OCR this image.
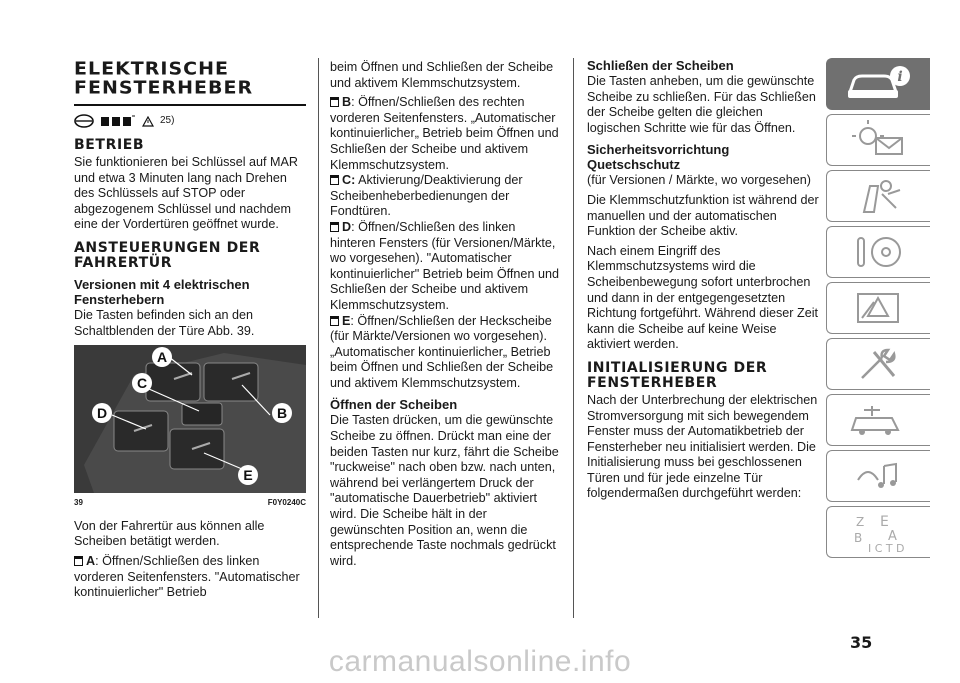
ELEKTRISCHE FENSTERHEBER
25)
BETRIEB

Sie funktionieren bei Schlüssel auf MAR und etwa 3 Minuten lang nach Drehen des Schlüssels auf STOP oder abgezogenem Schlüssel und nachdem eine der Vordertüren geöffnet wurde.

ANSTEUERUNGEN DER FAHRERTÜR
Versionen mit 4 elektrischen Fensterhebern

Die Tasten befinden sich an den Schaltblenden der Türe Abb. 39.

A
B
C
D
E
39	F0Y0240C

Von der Fahrertür aus können alle Scheiben betätigt werden.

A: Öffnen/Schließen des linken vorderen Seitenfensters. "Automatischer kontinuierlicher" Betrieb

beim Öffnen und Schließen der Scheibe und aktivem Klemmschutzsystem.

B: Öffnen/Schließen des rechten vorderen Seitenfensters. „Automatischer kontinuierlicher„ Betrieb beim Öffnen und Schließen der Scheibe und aktivem Klemmschutzsystem.

C: Aktivierung/Deaktivierung der Scheibenheberbedienungen der Fondtüren.

D: Öffnen/Schließen des linken hinteren Fensters (für Versionen/Märkte, wo vorgesehen). "Automatischer kontinuierlicher" Betrieb beim Öffnen und Schließen der Scheibe und aktivem Klemmschutzsystem.

E: Öffnen/Schließen der Heckscheibe (für Märkte/Versionen wo vorgesehen). „Automatischer kontinuierlicher„ Betrieb beim Öffnen und Schließen der Scheibe und aktivem Klemmschutzsystem.

Öffnen der Scheiben

Die Tasten drücken, um die gewünschte Scheibe zu öffnen. Drückt man eine der beiden Tasten nur kurz, fährt die Scheibe "ruckweise" nach oben bzw. nach unten, während bei verlängertem Druck der "automatische Dauerbetrieb" aktiviert wird. Die Scheibe hält in der gewünschten Position an, wenn die entsprechende Taste nochmals gedrückt wird.

Schließen der Scheiben

Die Tasten anheben, um die gewünschte Scheibe zu schließen. Für das Schließen der Scheibe gelten die gleichen logischen Schritte wie für das Öffnen.

Sicherheitsvorrichtung Quetschschutz

(für Versionen / Märkte, wo vorgesehen)

Die Klemmschutzfunktion ist während der manuellen und der automatischen Funktion der Scheibe aktiv.

Nach einem Eingriff des Klemmschutzsystems wird die Scheibenbewegung sofort unterbrochen und dann in der entgegengesetzten Richtung fortgeführt. Während dieser Zeit kann die Scheibe auf keine Weise aktiviert werden.

INITIALISIERUNG DER FENSTERHEBER

Nach der Unterbrechung der elektrischen Stromversorgung mit sich bewegendem Fenster muss der Automatikbetrieb der Fensterheber neu initialisiert werden. Die Initialisierung muss bei geschlossenen Türen und für jede einzelne Tür folgendermaßen durchgeführt werden:

i
Z E
B A
I C T D
35
carmanualsonline.info
